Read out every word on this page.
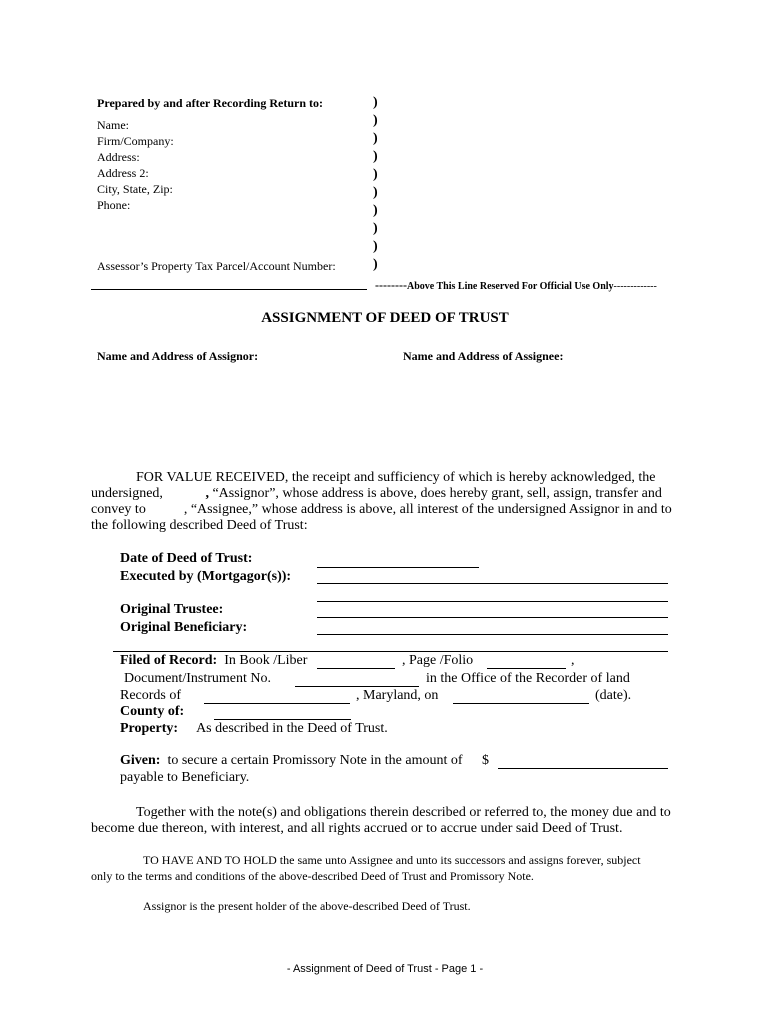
Prepared by and after Recording Return to:
Name:
Firm/Company:
Address:
Address 2:
City, State, Zip:
Phone:
Assessor’s Property Tax Parcel/Account Number:
)
)
)
)
)
)
)
)
)
)
--------Above This Line Reserved For Official Use Only-------------
ASSIGNMENT OF DEED OF TRUST
Name and Address of Assignor:	Name and Address of Assignee:
FOR VALUE RECEIVED, the receipt and sufficiency of which is hereby acknowledged, the
undersigned,	, “Assignor”, whose address is above, does hereby grant, sell, assign, transfer and
convey to	, “Assignee,” whose address is above, all interest of the undersigned Assignor in and to
the following described Deed of Trust:
Date of Deed of Trust:
Executed by (Mortgagor(s)):
Original Trustee:
Original Beneficiary:
Filed of Record: In Book /Liber	, Page /Folio	,
Document/Instrument No.	in the Office of the Recorder of land
Records of	, Maryland, on	(date).
County of:
Property: As described in the Deed of Trust.
Given: to secure a certain Promissory Note in the amount of $
payable to Beneficiary.
Together with the note(s) and obligations therein described or referred to, the money due and to
become due thereon, with interest, and all rights accrued or to accrue under said Deed of Trust.
TO HAVE AND TO HOLD the same unto Assignee and unto its successors and assigns forever, subject
only to the terms and conditions of the above-described Deed of Trust and Promissory Note.
Assignor is the present holder of the above-described Deed of Trust.
- Assignment of Deed of Trust - Page 1 -
